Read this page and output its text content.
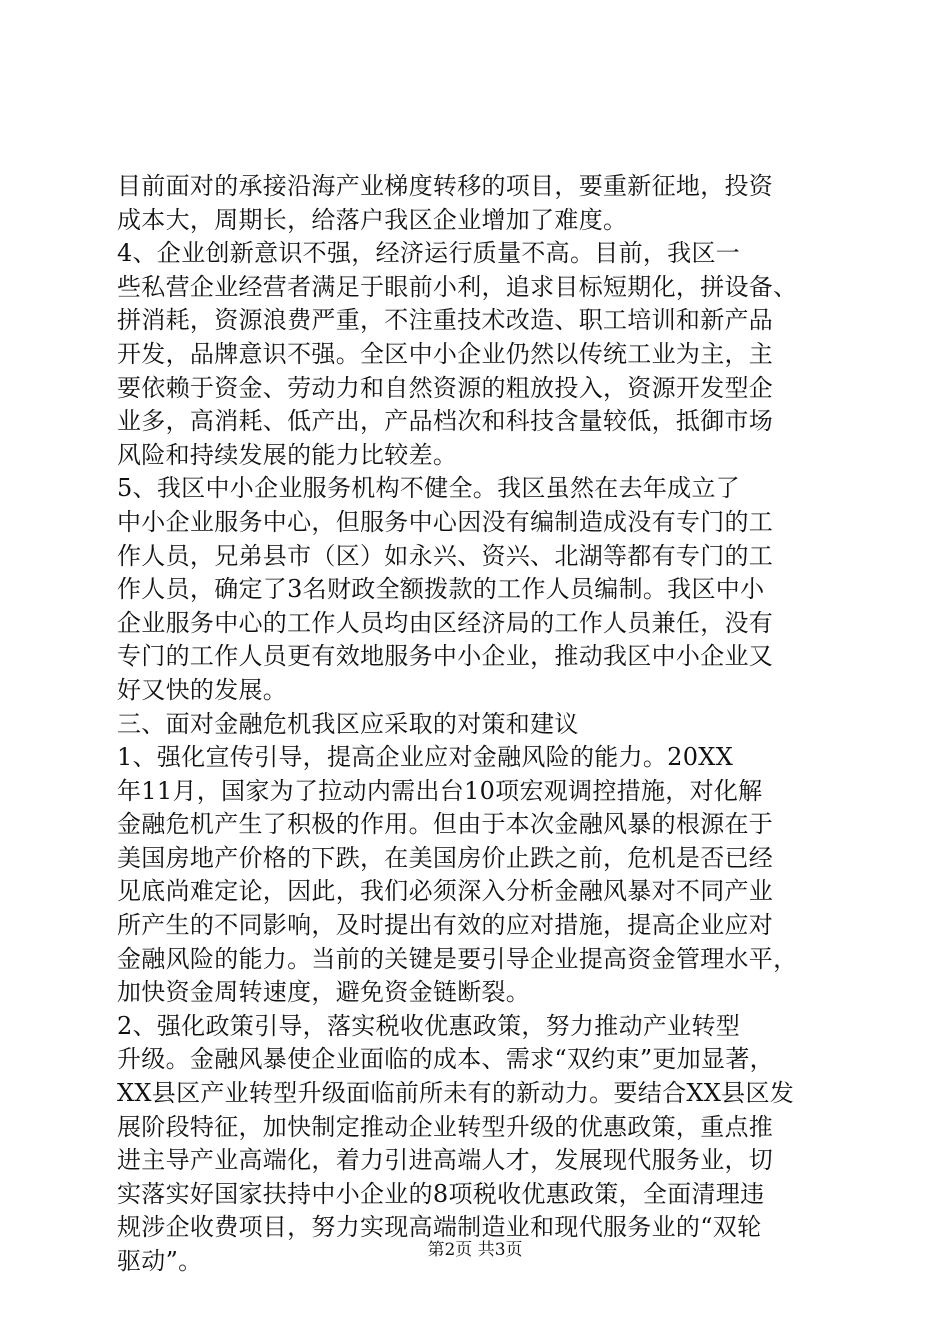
目前面对的承接沿海产业梯度转移的项目，要重新征地，投资
成本大，周期长，给落户我区企业增加了难度。
4、企业创新意识不强，经济运行质量不高。目前，我区一
些私营企业经营者满足于眼前小利，追求目标短期化，拼设备、
拼消耗，资源浪费严重，不注重技术改造、职工培训和新产品
开发，品牌意识不强。全区中小企业仍然以传统工业为主，主
要依赖于资金、劳动力和自然资源的粗放投入，资源开发型企
业多，高消耗、低产出，产品档次和科技含量较低，抵御市场
风险和持续发展的能力比较差。
5、我区中小企业服务机构不健全。我区虽然在去年成立了
中小企业服务中心，但服务中心因没有编制造成没有专门的工
作人员，兄弟县市（区）如永兴、资兴、北湖等都有专门的工
作人员，确定了3名财政全额拨款的工作人员编制。我区中小
企业服务中心的工作人员均由区经济局的工作人员兼任，没有
专门的工作人员更有效地服务中小企业，推动我区中小企业又
好又快的发展。
三、面对金融危机我区应采取的对策和建议
1、强化宣传引导，提高企业应对金融风险的能力。20XX
年11月，国家为了拉动内需出台10项宏观调控措施，对化解
金融危机产生了积极的作用。但由于本次金融风暴的根源在于
美国房地产价格的下跌，在美国房价止跌之前，危机是否已经
见底尚难定论，因此，我们必须深入分析金融风暴对不同产业
所产生的不同影响，及时提出有效的应对措施，提高企业应对
金融风险的能力。当前的关键是要引导企业提高资金管理水平，
加快资金周转速度，避免资金链断裂。
2、强化政策引导，落实税收优惠政策，努力推动产业转型
升级。金融风暴使企业面临的成本、需求“双约束”更加显著，
XX县区产业转型升级面临前所未有的新动力。要结合XX县区发
展阶段特征，加快制定推动企业转型升级的优惠政策，重点推
进主导产业高端化，着力引进高端人才，发展现代服务业，切
实落实好国家扶持中小企业的8项税收优惠政策，全面清理违
规涉企收费项目，努力实现高端制造业和现代服务业的“双轮
驱动”。	第2页 共3页
